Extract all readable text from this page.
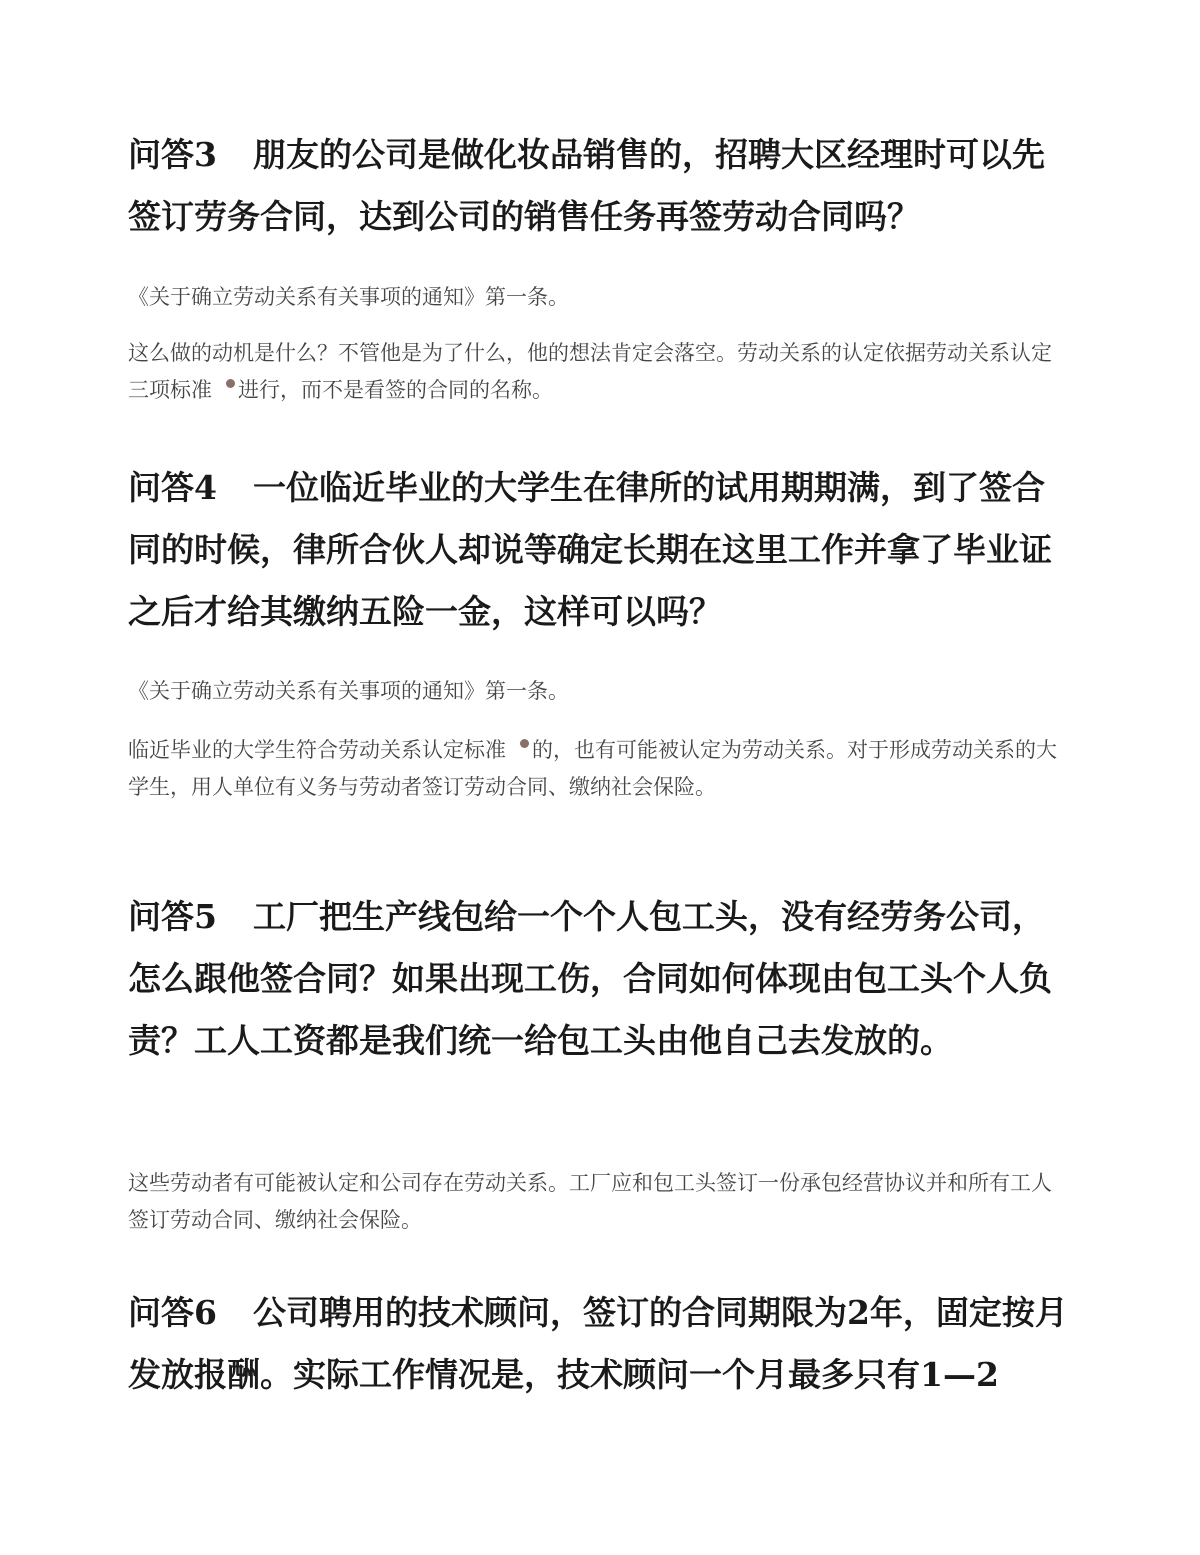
问答3 朋友的公司是做化妆品销售的，招聘大区经理时可以先签订劳务合同，达到公司的销售任务再签劳动合同吗？

《关于确立劳动关系有关事项的通知》第一条。

这么做的动机是什么？不管他是为了什么，他的想法肯定会落空。劳动关系的认定依据劳动关系认定三项标准 进行，而不是看签的合同的名称。

问答4 一位临近毕业的大学生在律所的试用期期满，到了签合同的时候，律所合伙人却说等确定长期在这里工作并拿了毕业证之后才给其缴纳五险一金，这样可以吗？

《关于确立劳动关系有关事项的通知》第一条。

临近毕业的大学生符合劳动关系认定标准 的，也有可能被认定为劳动关系。对于形成劳动关系的大学生，用人单位有义务与劳动者签订劳动合同、缴纳社会保险。

问答5 工厂把生产线包给一个个人包工头，没有经劳务公司，怎么跟他签合同？如果出现工伤，合同如何体现由包工头个人负责？工人工资都是我们统一给包工头由他自己去发放的。

这些劳动者有可能被认定和公司存在劳动关系。工厂应和包工头签订一份承包经营协议并和所有工人签订劳动合同、缴纳社会保险。

问答6 公司聘用的技术顾问，签订的合同期限为2年，固定按月发放报酬。实际工作情况是，技术顾问一个月最多只有1—2
